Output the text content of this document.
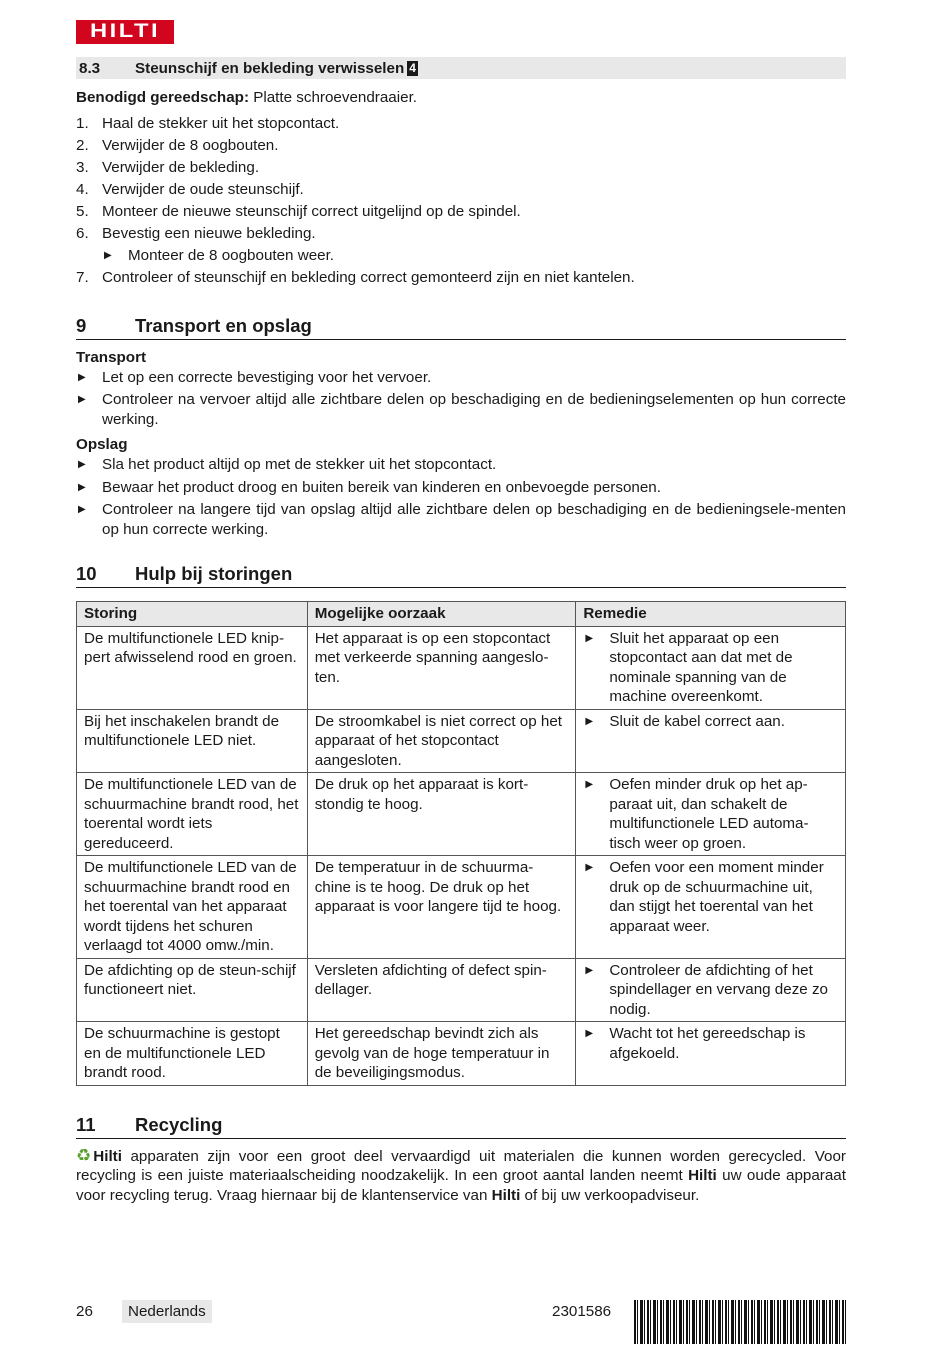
HILTI
8.3	Steunschijf en bekleding verwisselen 4

Benodigd gereedschap: Platte schroevendraaier.

1. Haal de stekker uit het stopcontact.
2. Verwijder de 8 oogbouten.
3. Verwijder de bekleding.
4. Verwijder de oude steunschijf.
5. Monteer de nieuwe steunschijf correct uitgelijnd op de spindel.
6. Bevestig een nieuwe bekleding.
▶ Monteer de 8 oogbouten weer.
7. Controleer of steunschijf en bekleding correct gemonteerd zijn en niet kantelen.
9	Transport en opslag
Transport
▶ Let op een correcte bevestiging voor het vervoer.
▶ Controleer na vervoer altijd alle zichtbare delen op beschadiging en de bedieningselementen op hun correcte werking.
Opslag
▶ Sla het product altijd op met de stekker uit het stopcontact.
▶ Bewaar het product droog en buiten bereik van kinderen en onbevoegde personen.
▶ Controleer na langere tijd van opslag altijd alle zichtbare delen op beschadiging en de bedieningsele-menten op hun correcte werking.
10	Hulp bij storingen
Storing	Mogelijke oorzaak	Remedie
De multifunctionele LED knip-pert afwisselend rood en groen.	Het apparaat is op een stopcontact met verkeerde spanning aangeslo-ten.	▶ Sluit het apparaat op een stopcontact aan dat met de nominale spanning van de machine overeenkomt.
Bij het inschakelen brandt de multifunctionele LED niet.	De stroomkabel is niet correct op het apparaat of het stopcontact aangesloten.	▶ Sluit de kabel correct aan.
De multifunctionele LED van de schuurmachine brandt rood, het toerental wordt iets gereduceerd.	De druk op het apparaat is kort-stondig te hoog.	▶ Oefen minder druk op het ap-paraat uit, dan schakelt de multifunctionele LED automa-tisch weer op groen.
De multifunctionele LED van de schuurmachine brandt rood en het toerental van het apparaat wordt tijdens het schuren verlaagd tot 4000 omw./min.	De temperatuur in de schuurma-chine is te hoog. De druk op het apparaat is voor langere tijd te hoog.	▶ Oefen voor een moment minder druk op de schuurmachine uit, dan stijgt het toerental van het apparaat weer.
De afdichting op de steun-schijf functioneert niet.	Versleten afdichting of defect spin-dellager.	▶ Controleer de afdichting of het spindellager en vervang deze zo nodig.
De schuurmachine is gestopt en de multifunctionele LED brandt rood.	Het gereedschap bevindt zich als gevolg van de hoge temperatuur in de beveiligingsmodus.	▶ Wacht tot het gereedschap is afgekoeld.
11	Recycling

♻ Hilti apparaten zijn voor een groot deel vervaardigd uit materialen die kunnen worden gerecycled. Voor recycling is een juiste materiaalscheiding noodzakelijk. In een groot aantal landen neemt Hilti uw oude apparaat voor recycling terug. Vraag hiernaar bij de klantenservice van Hilti of bij uw verkoopadviseur.

26	Nederlands	2301586
